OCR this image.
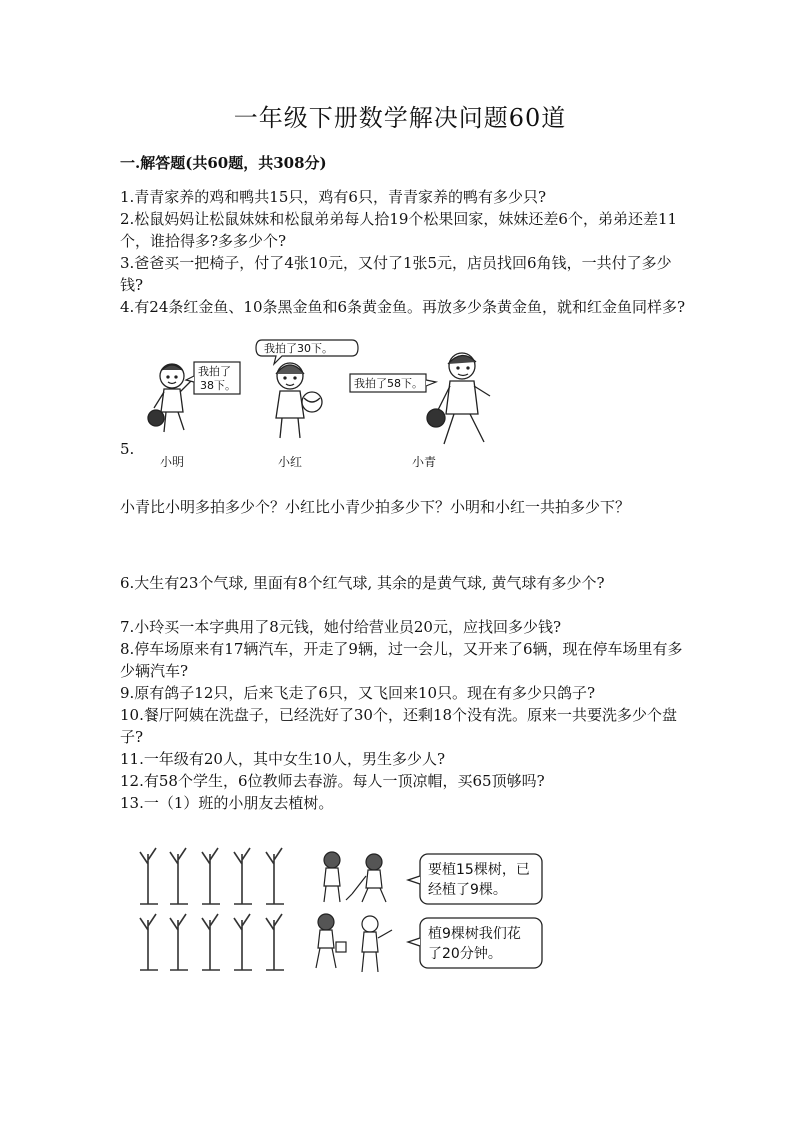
一年级下册数学解决问题60道
一.解答题(共60题，共308分)
1.青青家养的鸡和鸭共15只，鸡有6只，青青家养的鸭有多少只?
2.松鼠妈妈让松鼠妹妹和松鼠弟弟每人拾19个松果回家，妹妹还差6个，弟弟还差11个，谁拾得多?多多少个?
3.爸爸买一把椅子，付了4张10元，又付了1张5元，店员找回6角钱，一共付了多少钱?
4.有24条红金鱼、10条黑金鱼和6条黄金鱼。再放多少条黄金鱼，就和红金鱼同样多?
我拍了
38下。
小明
我拍了30下。
小红
我拍了58下。
小青
5.
小青比小明多拍多少个？小红比小青少拍多少下？小明和小红一共拍多少下？
6.大生有23个气球, 里面有8个红气球, 其余的是黄气球, 黄气球有多少个?
7.小玲买一本字典用了8元钱，她付给营业员20元，应找回多少钱?
8.停车场原来有17辆汽车，开走了9辆，过一会儿，又开来了6辆，现在停车场里有多少辆汽车?
9.原有鸽子12只，后来飞走了6只，又飞回来10只。现在有多少只鸽子?
10.餐厅阿姨在洗盘子，已经洗好了30个，还剩18个没有洗。原来一共要洗多少个盘子?
11.一年级有20人，其中女生10人，男生多少人?
12.有58个学生，6位教师去春游。每人一顶凉帽，买65顶够吗?
13.一（1）班的小朋友去植树。
要植15棵树，已
经植了9棵。
植9棵树我们花
了20分钟。
